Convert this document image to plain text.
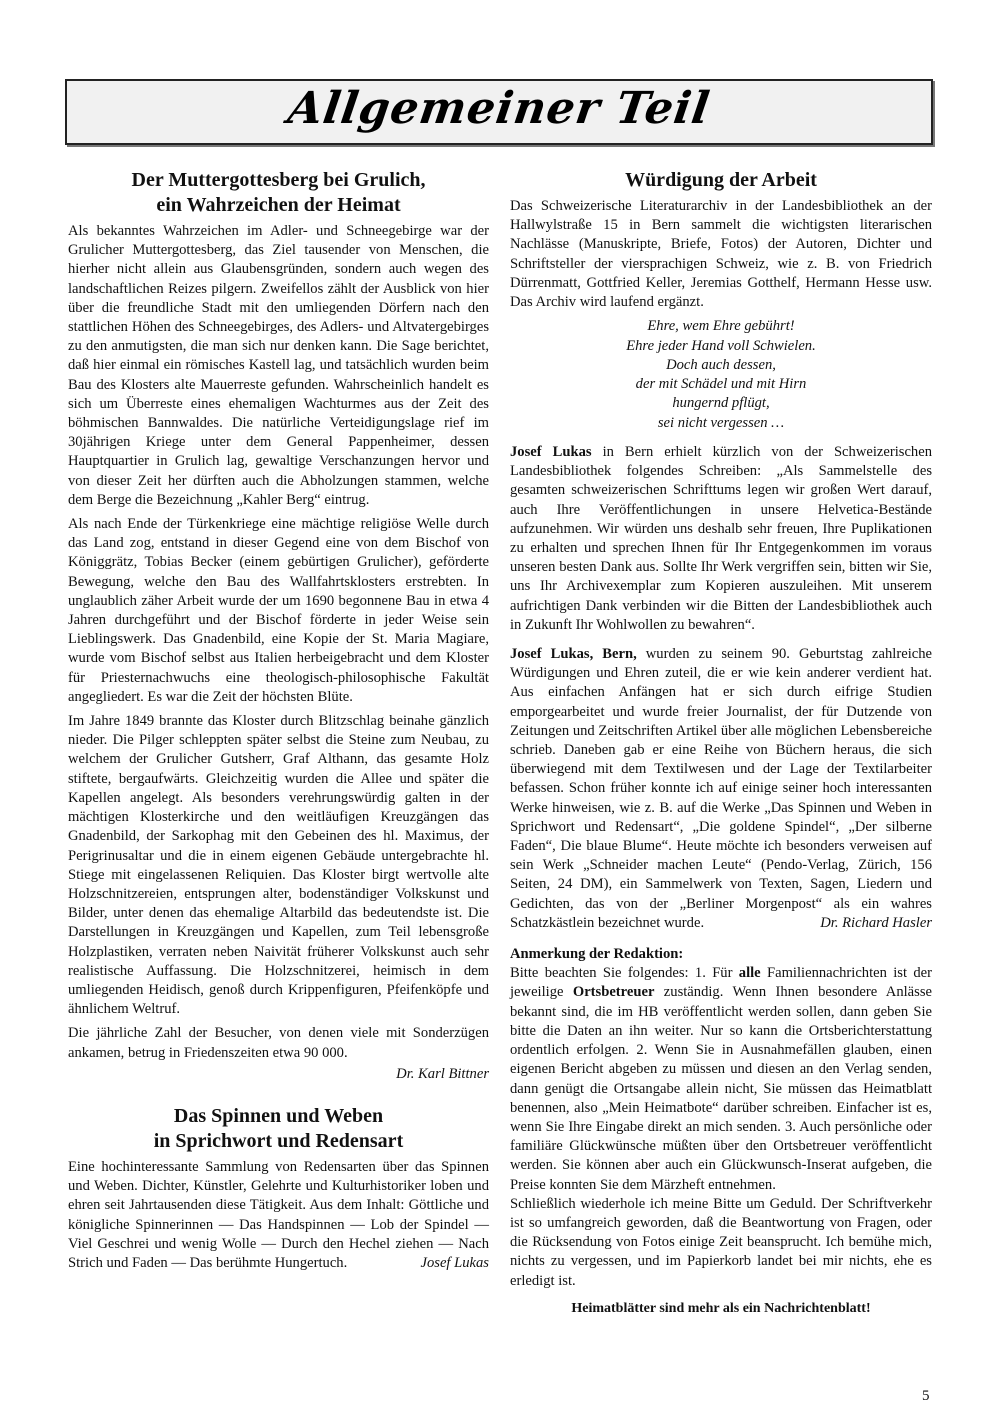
Allgemeiner Teil
Der Muttergottesberg bei Grulich,
ein Wahrzeichen der Heimat

Als bekanntes Wahrzeichen im Adler- und Schneegebirge war der Grulicher Muttergottesberg, das Ziel tausender von Menschen, die hierher nicht allein aus Glaubensgründen, sondern auch wegen des landschaftlichen Reizes pilgern. Zweifellos zählt der Ausblick von hier über die freundliche Stadt mit den umliegenden Dörfern nach den stattlichen Höhen des Schneegebirges, des Adlers- und Altvatergebirges zu den anmutigsten, die man sich nur denken kann. Die Sage berichtet, daß hier einmal ein römisches Kastell lag, und tatsächlich wurden beim Bau des Klosters alte Mauerreste gefunden. Wahrscheinlich handelt es sich um Überreste eines ehemaligen Wachturmes aus der Zeit des böhmischen Bannwaldes. Die natürliche Verteidigungslage rief im 30jährigen Kriege unter dem General Pappenheimer, dessen Hauptquartier in Grulich lag, gewaltige Verschanzungen hervor und von dieser Zeit her dürften auch die Abholzungen stammen, welche dem Berge die Bezeichnung „Kahler Berg“ eintrug.

Als nach Ende der Türkenkriege eine mächtige religiöse Welle durch das Land zog, entstand in dieser Gegend eine von dem Bischof von Königgrätz, Tobias Becker (einem gebürtigen Grulicher), geförderte Bewegung, welche den Bau des Wallfahrtsklosters erstrebten. In unglaublich zäher Arbeit wurde der um 1690 begonnene Bau in etwa 4 Jahren durchgeführt und der Bischof förderte in jeder Weise sein Lieblingswerk. Das Gnadenbild, eine Kopie der St. Maria Magiare, wurde vom Bischof selbst aus Italien herbeigebracht und dem Kloster für Priesternachwuchs eine theologisch-philosophische Fakultät angegliedert. Es war die Zeit der höchsten Blüte.

Im Jahre 1849 brannte das Kloster durch Blitzschlag beinahe gänzlich nieder. Die Pilger schleppten später selbst die Steine zum Neubau, zu welchem der Grulicher Gutsherr, Graf Althann, das gesamte Holz stiftete, bergaufwärts. Gleichzeitig wurden die Allee und später die Kapellen angelegt. Als besonders verehrungswürdig galten in der mächtigen Klosterkirche und den weitläufigen Kreuzgängen das Gnadenbild, der Sarkophag mit den Gebeinen des hl. Maximus, der Perigrinusaltar und die in einem eigenen Gebäude untergebrachte hl. Stiege mit eingelassenen Reliquien. Das Kloster birgt wertvolle alte Holzschnitzereien, entsprungen alter, bodenständiger Volkskunst und Bilder, unter denen das ehemalige Altarbild das bedeutendste ist. Die Darstellungen in Kreuzgängen und Kapellen, zum Teil lebensgroße Holzplastiken, verraten neben Naivität früherer Volkskunst auch sehr realistische Auffassung. Die Holzschnitzerei, heimisch in dem umliegenden Heidisch, genoß durch Krippenfiguren, Pfeifenköpfe und ähnlichem Weltruf.

Die jährliche Zahl der Besucher, von denen viele mit Sonderzügen ankamen, betrug in Friedenszeiten etwa 90 000.

Dr. Karl Bittner
Das Spinnen und Weben
in Sprichwort und Redensart

Eine hochinteressante Sammlung von Redensarten über das Spinnen und Weben. Dichter, Künstler, Gelehrte und Kulturhistoriker loben und ehren seit Jahrtausenden diese Tätigkeit. Aus dem Inhalt: Göttliche und königliche Spinnerinnen — Das Handspinnen — Lob der Spindel — Viel Geschrei und wenig Wolle — Durch den Hechel ziehen — Nach Strich und Faden — Das berühmte Hungertuch.	Josef Lukas

Würdigung der Arbeit

Das Schweizerische Literaturarchiv in der Landesbibliothek an der Hallwylstraße 15 in Bern sammelt die wichtigsten literarischen Nachlässe (Manuskripte, Briefe, Fotos) der Autoren, Dichter und Schriftsteller der viersprachigen Schweiz, wie z. B. von Friedrich Dürrenmatt, Gottfried Keller, Jeremias Gotthelf, Hermann Hesse usw. Das Archiv wird laufend ergänzt.

Ehre, wem Ehre gebührt!
Ehre jeder Hand voll Schwielen.
Doch auch dessen,
der mit Schädel und mit Hirn
hungernd pflügt,
sei nicht vergessen …

Josef Lukas in Bern erhielt kürzlich von der Schweizerischen Landesbibliothek folgendes Schreiben: „Als Sammelstelle des gesamten schweizerischen Schrifttums legen wir großen Wert darauf, auch Ihre Veröffentlichungen in unsere Helvetica-Bestände aufzunehmen. Wir würden uns deshalb sehr freuen, Ihre Puplikationen zu erhalten und sprechen Ihnen für Ihr Entgegenkommen im voraus unseren besten Dank aus. Sollte Ihr Werk vergriffen sein, bitten wir Sie, uns Ihr Archivexemplar zum Kopieren auszuleihen. Mit unserem aufrichtigen Dank verbinden wir die Bitten der Landesbibliothek auch in Zukunft Ihr Wohlwollen zu bewahren“.

Josef Lukas, Bern, wurden zu seinem 90. Geburtstag zahlreiche Würdigungen und Ehren zuteil, die er wie kein anderer verdient hat. Aus einfachen Anfängen hat er sich durch eifrige Studien emporgearbeitet und wurde freier Journalist, der für Dutzende von Zeitungen und Zeitschriften Artikel über alle möglichen Lebensbereiche schrieb. Daneben gab er eine Reihe von Büchern heraus, die sich überwiegend mit dem Textilwesen und der Lage der Textilarbeiter befassen. Schon früher konnte ich auf einige seiner hoch interessanten Werke hinweisen, wie z. B. auf die Werke „Das Spinnen und Weben in Sprichwort und Redensart“, „Die goldene Spindel“, „Der silberne Faden“, Die blaue Blume“. Heute möchte ich besonders verweisen auf sein Werk „Schneider machen Leute“ (Pendo-Verlag, Zürich, 156 Seiten, 24 DM), ein Sammelwerk von Texten, Sagen, Liedern und Gedichten, das von der „Berliner Morgenpost“ als ein wahres Schatzkästlein bezeichnet wurde.	Dr. Richard Hasler

Anmerkung der Redaktion:

Bitte beachten Sie folgendes: 1. Für alle Familiennachrichten ist der jeweilige Ortsbetreuer zuständig. Wenn Ihnen besondere Anlässe bekannt sind, die im HB veröffentlicht werden sollen, dann geben Sie bitte die Daten an ihn weiter. Nur so kann die Ortsberichterstattung ordentlich erfolgen. 2. Wenn Sie in Ausnahmefällen glauben, einen eigenen Bericht abgeben zu müssen und diesen an den Verlag senden, dann genügt die Ortsangabe allein nicht, Sie müssen das Heimatblatt benennen, also „Mein Heimatbote“ darüber schreiben. Einfacher ist es, wenn Sie Ihre Eingabe direkt an mich senden. 3. Auch persönliche oder familiäre Glückwünsche müßten über den Ortsbetreuer veröffentlicht werden. Sie können aber auch ein Glückwunsch-Inserat aufgeben, die Preise konnten Sie dem Märzheft entnehmen.

Schließlich wiederhole ich meine Bitte um Geduld. Der Schriftverkehr ist so umfangreich geworden, daß die Beantwortung von Fragen, oder die Rücksendung von Fotos einige Zeit beansprucht. Ich bemühe mich, nichts zu vergessen, und im Papierkorb landet bei mir nichts, ehe es erledigt ist.

Heimatblätter sind mehr als ein Nachrichtenblatt!
5
